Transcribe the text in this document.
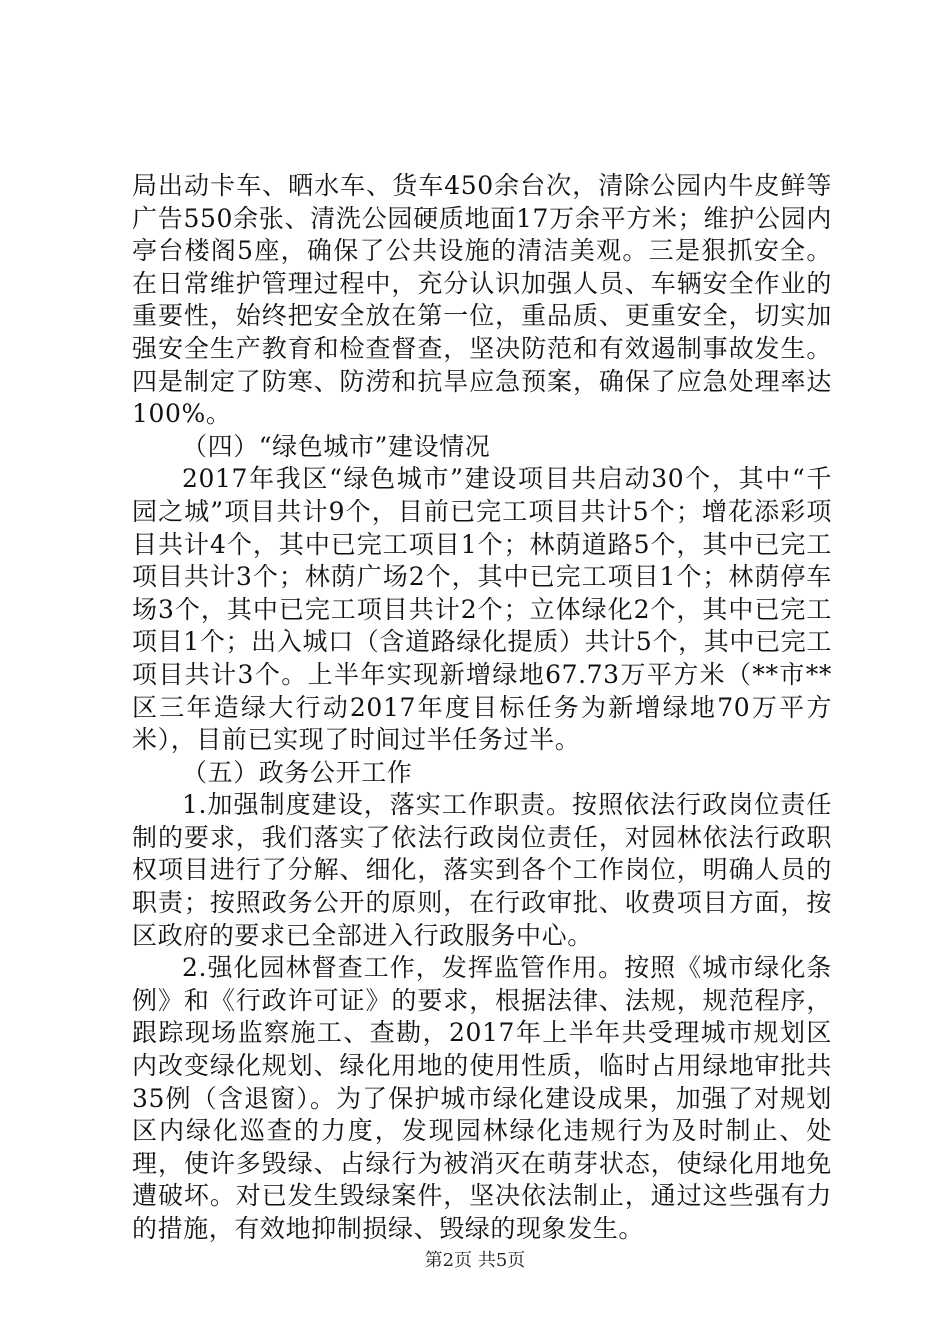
局出动卡车、晒水车、货车450余台次，清除公园内牛皮鲜等广告550余张、清洗公园硬质地面17万余平方米；维护公园内亭台楼阁5座，确保了公共设施的清洁美观。三是狠抓安全。在日常维护管理过程中，充分认识加强人员、车辆安全作业的重要性，始终把安全放在第一位，重品质、更重安全，切实加强安全生产教育和检查督查，坚决防范和有效遏制事故发生。四是制定了防寒、防涝和抗旱应急预案，确保了应急处理率达100%。

（四）“绿色城市”建设情况

2017年我区“绿色城市”建设项目共启动30个，其中“千园之城”项目共计9个，目前已完工项目共计5个；增花添彩项目共计4个，其中已完工项目1个；林荫道路5个，其中已完工项目共计3个；林荫广场2个，其中已完工项目1个；林荫停车场3个，其中已完工项目共计2个；立体绿化2个，其中已完工项目1个；出入城口（含道路绿化提质）共计5个，其中已完工项目共计3个。上半年实现新增绿地67.73万平方米（**市**区三年造绿大行动2017年度目标任务为新增绿地70万平方米），目前已实现了时间过半任务过半。

（五）政务公开工作

1.加强制度建设，落实工作职责。按照依法行政岗位责任制的要求，我们落实了依法行政岗位责任，对园林依法行政职权项目进行了分解、细化，落实到各个工作岗位，明确人员的职责；按照政务公开的原则，在行政审批、收费项目方面，按区政府的要求已全部进入行政服务中心。

2.强化园林督查工作，发挥监管作用。按照《城市绿化条例》和《行政许可证》的要求，根据法律、法规，规范程序，跟踪现场监察施工、查勘，2017年上半年共受理城市规划区内改变绿化规划、绿化用地的使用性质，临时占用绿地审批共35例（含退窗）。为了保护城市绿化建设成果，加强了对规划区内绿化巡查的力度，发现园林绿化违规行为及时制止、处理，使许多毁绿、占绿行为被消灭在萌芽状态，使绿化用地免遭破坏。对已发生毁绿案件，坚决依法制止，通过这些强有力的措施，有效地抑制损绿、毁绿的现象发生。

第2页 共5页
